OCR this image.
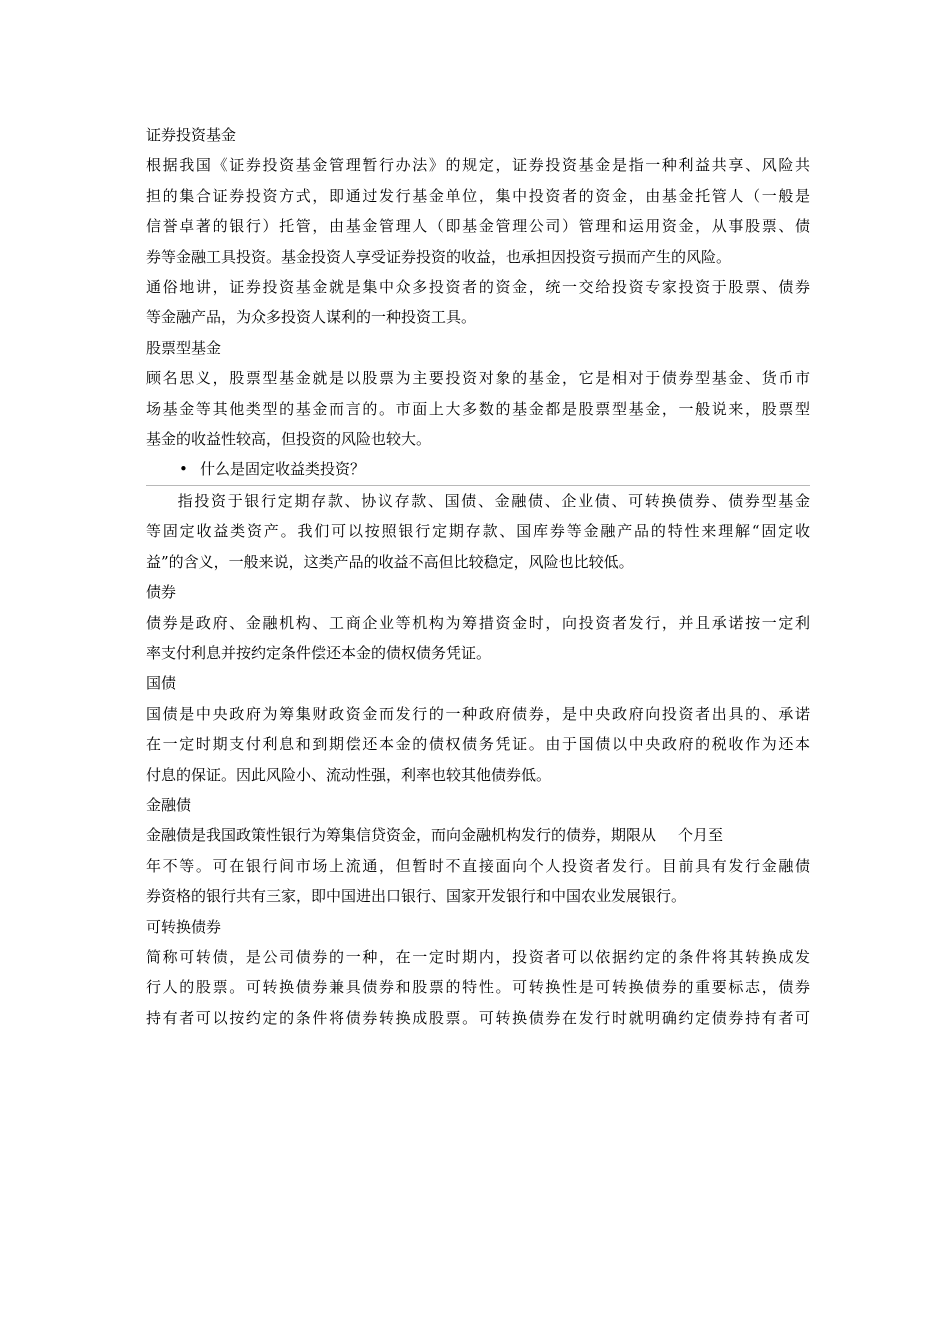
证券投资基金
根据我国《证券投资基金管理暂行办法》的规定，证券投资基金是指一种利益共享、风险共
担的集合证券投资方式，即通过发行基金单位，集中投资者的资金，由基金托管人（一般是
信誉卓著的银行）托管，由基金管理人（即基金管理公司）管理和运用资金，从事股票、债
券等金融工具投资。基金投资人享受证券投资的收益，也承担因投资亏损而产生的风险。
通俗地讲，证券投资基金就是集中众多投资者的资金，统一交给投资专家投资于股票、债券
等金融产品，为众多投资人谋利的一种投资工具。
股票型基金
顾名思义，股票型基金就是以股票为主要投资对象的基金，它是相对于债券型基金、货币市
场基金等其他类型的基金而言的。市面上大多数的基金都是股票型基金，一般说来，股票型
基金的收益性较高，但投资的风险也较大。
• 什么是固定收益类投资？
指投资于银行定期存款、协议存款、国债、金融债、企业债、可转换债券、债券型基金
等固定收益类资产。我们可以按照银行定期存款、国库券等金融产品的特性来理解“固定收
益”的含义，一般来说，这类产品的收益不高但比较稳定，风险也比较低。
债券
债券是政府、金融机构、工商企业等机构为筹措资金时，向投资者发行，并且承诺按一定利
率支付利息并按约定条件偿还本金的债权债务凭证。
国债
国债是中央政府为筹集财政资金而发行的一种政府债券，是中央政府向投资者出具的、承诺
在一定时期支付利息和到期偿还本金的债权债务凭证。由于国债以中央政府的税收作为还本
付息的保证。因此风险小、流动性强，利率也较其他债券低。
金融债
金融债是我国政策性银行为筹集信贷资金，而向金融机构发行的债券，期限从 个月至
年不等。可在银行间市场上流通，但暂时不直接面向个人投资者发行。目前具有发行金融债
券资格的银行共有三家，即中国进出口银行、国家开发银行和中国农业发展银行。
可转换债券
简称可转债，是公司债券的一种，在一定时期内，投资者可以依据约定的条件将其转换成发
行人的股票。可转换债券兼具债券和股票的特性。可转换性是可转换债券的重要标志，债券
持有者可以按约定的条件将债券转换成股票。可转换债券在发行时就明确约定债券持有者可
